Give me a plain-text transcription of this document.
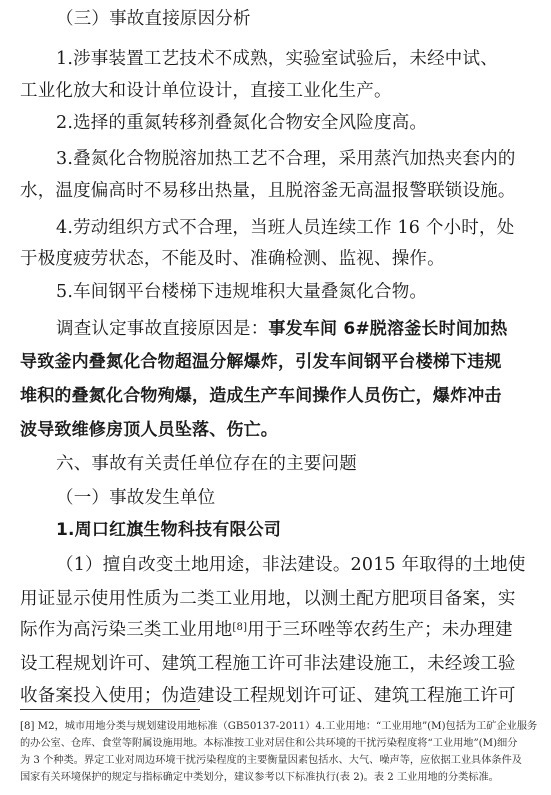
（三）事故直接原因分析
1.涉事装置工艺技术不成熟，实验室试验后，未经中试、
工业化放大和设计单位设计，直接工业化生产。
2.选择的重氮转移剂叠氮化合物安全风险度高。
3.叠氮化合物脱溶加热工艺不合理，采用蒸汽加热夹套内的
水，温度偏高时不易移出热量，且脱溶釜无高温报警联锁设施。
4.劳动组织方式不合理，当班人员连续工作 16 个小时，处
于极度疲劳状态，不能及时、准确检测、监视、操作。
5.车间钢平台楼梯下违规堆积大量叠氮化合物。
调查认定事故直接原因是：事发车间 6#脱溶釜长时间加热
导致釜内叠氮化合物超温分解爆炸，引发车间钢平台楼梯下违规
堆积的叠氮化合物殉爆，造成生产车间操作人员伤亡，爆炸冲击
波导致维修房顶人员坠落、伤亡。
六、事故有关责任单位存在的主要问题
（一）事故发生单位
1.周口红旗生物科技有限公司
（1）擅自改变土地用途，非法建设。2015 年取得的土地使
用证显示使用性质为二类工业用地，以测土配方肥项目备案，实
际作为高污染三类工业用地[8]用于三环唑等农药生产；未办理建
设工程规划许可、建筑工程施工许可非法建设施工，未经竣工验
收备案投入使用；伪造建设工程规划许可证、建筑工程施工许可
[8] M2，城市用地分类与规划建设用地标准（GB50137-2011）4.工业用地：“工业用地”(M)包括为工矿企业服务
的办公室、仓库、食堂等附属设施用地。本标准按工业对居住和公共环境的干扰污染程度将“工业用地”(M)细分
为 3 个种类。界定工业对周边环境干扰污染程度的主要衡量因素包括水、大气、噪声等，应依据工业具体条件及
国家有关环境保护的规定与指标确定中类划分，建议参考以下标准执行(表 2)。表 2 工业用地的分类标准。
